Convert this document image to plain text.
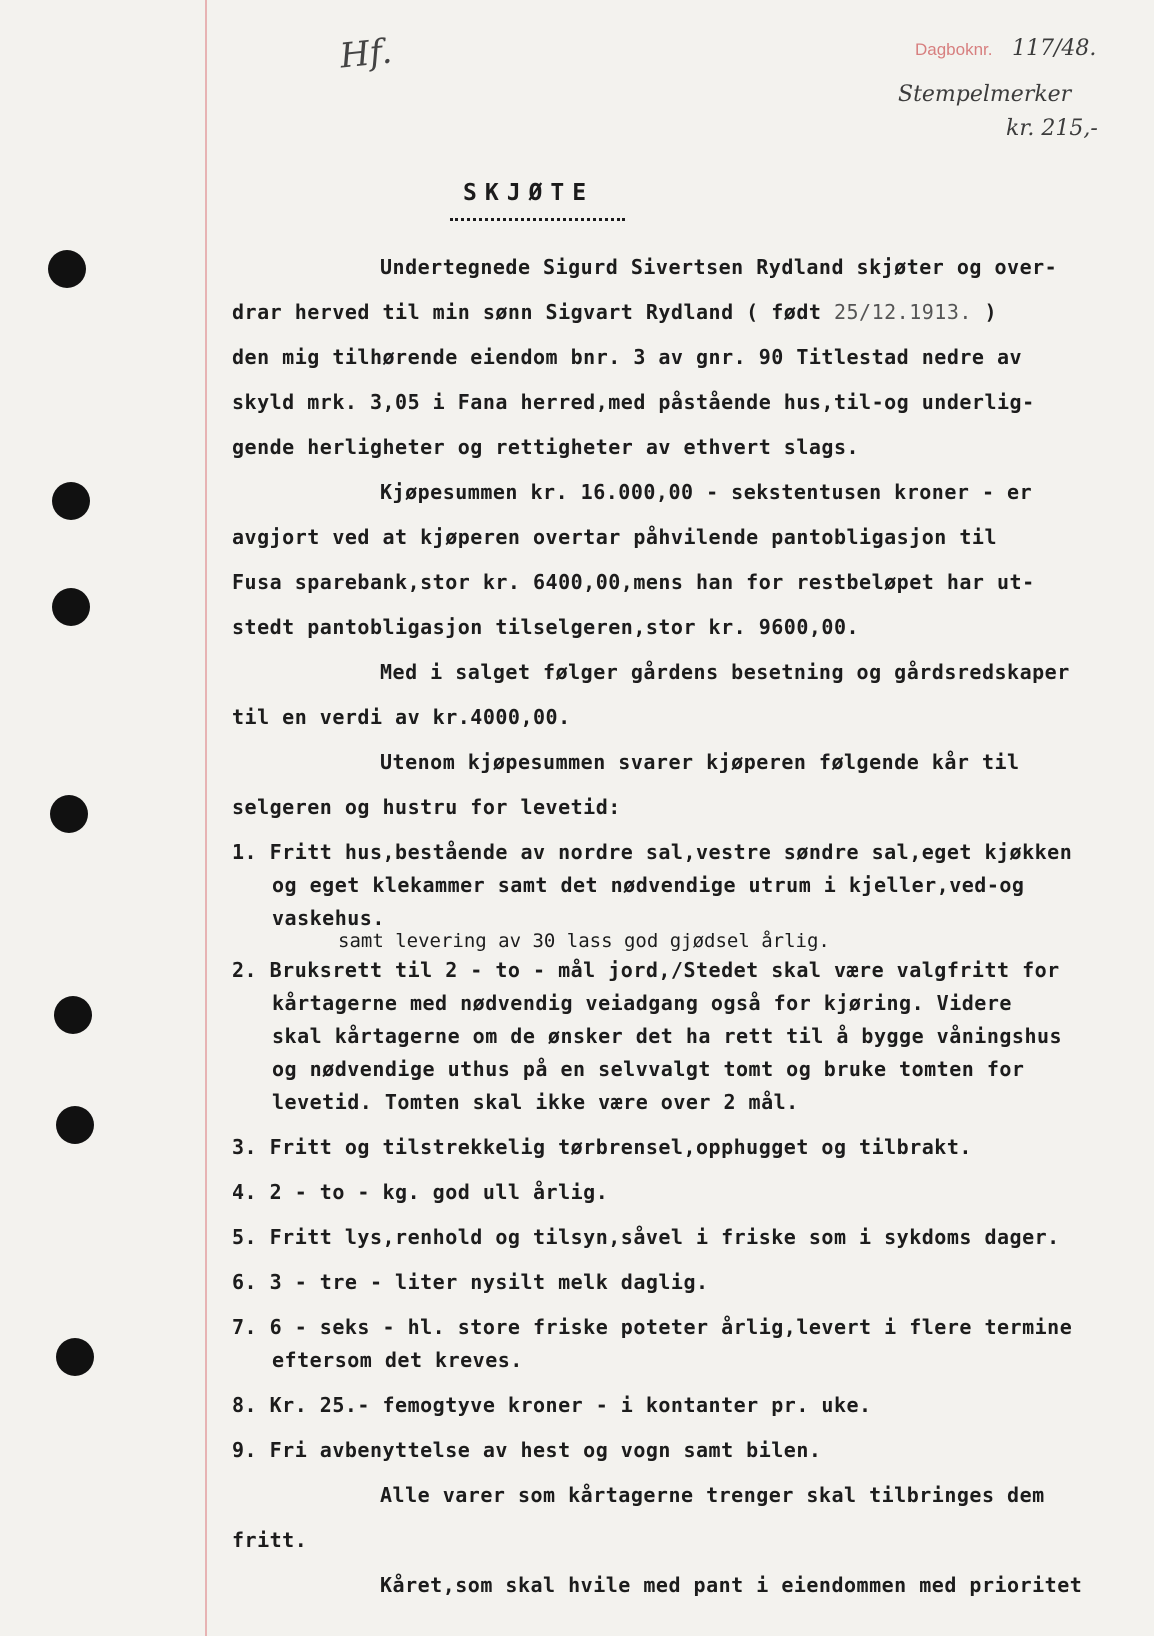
Hf.	Dagboknr. 117/48.
Stempelmerker
kr. 215,-
SKJØTE
Undertegnede Sigurd Sivertsen Rydland skjøter og over-
drar herved til min sønn Sigvart Rydland ( født 25/12.1913. )
den mig tilhørende eiendom bnr. 3 av gnr. 90 Titlestad nedre av
skyld mrk. 3,05 i Fana herred,med påstående hus,til-og underlig-
gende herligheter og rettigheter av ethvert slags.
Kjøpesummen kr. 16.000,00 - sekstentusen kroner - er
avgjort ved at kjøperen overtar påhvilende pantobligasjon til
Fusa sparebank,stor kr. 6400,00,mens han for restbeløpet har ut-
stedt pantobligasjon tilselgeren,stor kr. 9600,00.
Med i salget følger gårdens besetning og gårdsredskaper
til en verdi av kr.4000,00.
Utenom kjøpesummen svarer kjøperen følgende kår til
selgeren og hustru for levetid:
1. Fritt hus,bestående av nordre sal,vestre søndre sal,eget kjøkken
og eget klekammer samt det nødvendige utrum i kjeller,ved-og
vaskehus.
samt levering av 30 lass god gjødsel årlig.
2. Bruksrett til 2 - to - mål jord,/Stedet skal være valgfritt for
kårtagerne med nødvendig veiadgang også for kjøring. Videre
skal kårtagerne om de ønsker det ha rett til å bygge våningshus
og nødvendige uthus på en selvvalgt tomt og bruke tomten for
levetid. Tomten skal ikke være over 2 mål.
3. Fritt og tilstrekkelig tørbrensel,opphugget og tilbrakt.
4. 2 - to - kg. god ull årlig.
5. Fritt lys,renhold og tilsyn,såvel i friske som i sykdoms dager.
6. 3 - tre - liter nysilt melk daglig.
7. 6 - seks - hl. store friske poteter årlig,levert i flere termine
eftersom det kreves.
8. Kr. 25.- femogtyve kroner - i kontanter pr. uke.
9. Fri avbenyttelse av hest og vogn samt bilen.
Alle varer som kårtagerne trenger skal tilbringes dem
fritt.
Kåret,som skal hvile med pant i eiendommen med prioritet
